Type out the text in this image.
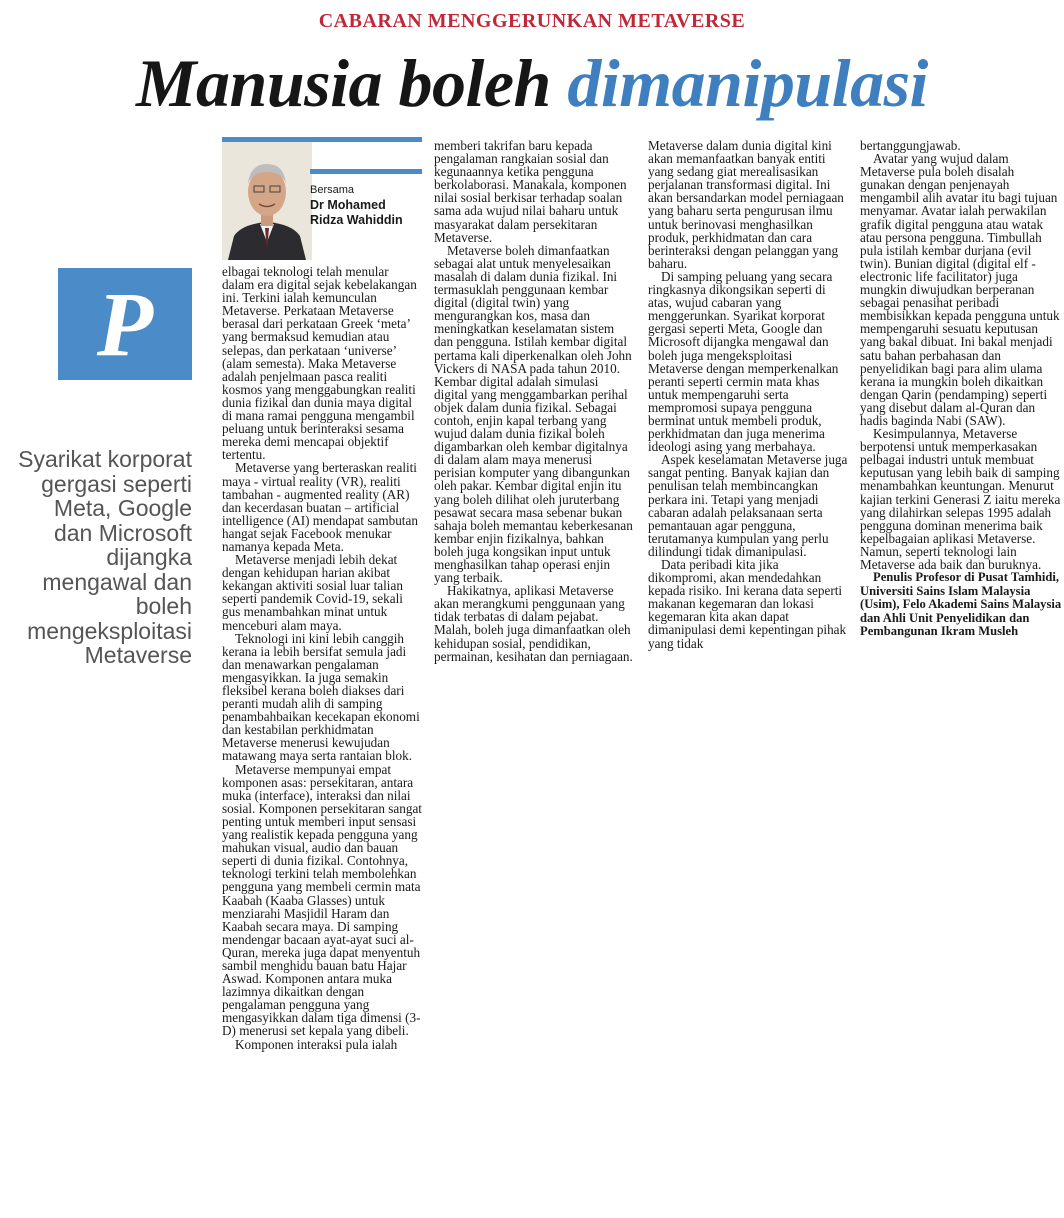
CABARAN MENGGERUNKAN METAVERSE
Manusia boleh dimanipulasi
Bersama
Dr Mohamed
Ridza Wahiddin
P
Syarikat korporat gergasi seperti Meta, Google dan Microsoft dijangka mengawal dan boleh mengeksploitasi Metaverse

elbagai teknologi telah menular dalam era digital sejak kebelakangan ini. Terkini ialah kemunculan Metaverse. Perkataan Metaverse berasal dari perkataan Greek ‘meta’ yang bermaksud kemudian atau selepas, dan perkataan ‘universe’ (alam semesta). Maka Metaverse adalah penjelmaan pasca realiti kosmos yang menggabungkan realiti dunia fizikal dan dunia maya digital di mana ramai pengguna mengambil peluang untuk berinteraksi sesama mereka demi mencapai objektif tertentu.

Metaverse yang berteraskan realiti maya - virtual reality (VR), realiti tambahan - augmented reality (AR) dan kecerdasan buatan – artificial intelligence (AI) mendapat sambutan hangat sejak Facebook menukar namanya kepada Meta.

Metaverse menjadi lebih dekat dengan kehidupan harian akibat kekangan aktiviti sosial luar talian seperti pandemik Covid-19, sekali gus menambahkan minat untuk menceburi alam maya.

Teknologi ini kini lebih canggih kerana ia lebih bersifat semula jadi dan menawarkan pengalaman mengasyikkan. Ia juga semakin fleksibel kerana boleh diakses dari peranti mudah alih di samping penambahbaikan kecekapan ekonomi dan kestabilan perkhidmatan Metaverse menerusi kewujudan matawang maya serta rantaian blok.

Metaverse mempunyai empat komponen asas: persekitaran, antara muka (interface), interaksi dan nilai sosial. Komponen persekitaran sangat penting untuk memberi input sensasi yang realistik kepada pengguna yang mahukan visual, audio dan bauan seperti di dunia fizikal. Contohnya, teknologi terkini telah membolehkan pengguna yang membeli cermin mata Kaabah (Kaaba Glasses) untuk menziarahi Masjidil Haram dan Kaabah secara maya. Di samping mendengar bacaan ayat-ayat suci al-Quran, mereka juga dapat menyentuh sambil menghidu bauan batu Hajar Aswad. Komponen antara muka lazimnya dikaitkan dengan pengalaman pengguna yang mengasyikkan dalam tiga dimensi (3-D) menerusi set kepala yang dibeli.

Komponen interaksi pula ialah

memberi takrifan baru kepada pengalaman rangkaian sosial dan kegunaannya ketika pengguna berkolaborasi. Manakala, komponen nilai sosial berkisar terhadap soalan sama ada wujud nilai baharu untuk masyarakat dalam persekitaran Metaverse.

Metaverse boleh dimanfaatkan sebagai alat untuk menyelesaikan masalah di dalam dunia fizikal. Ini termasuklah penggunaan kembar digital (digital twin) yang mengurangkan kos, masa dan meningkatkan keselamatan sistem dan pengguna. Istilah kembar digital pertama kali diperkenalkan oleh John Vickers di NASA pada tahun 2010. Kembar digital adalah simulasi digital yang menggambarkan perihal objek dalam dunia fizikal. Sebagai contoh, enjin kapal terbang yang wujud dalam dunia fizikal boleh digambarkan oleh kembar digitalnya di dalam alam maya menerusi perisian komputer yang dibangunkan oleh pakar. Kembar digital enjin itu yang boleh dilihat oleh juruterbang pesawat secara masa sebenar bukan sahaja boleh memantau keberkesanan kembar enjin fizikalnya, bahkan boleh juga kongsikan input untuk menghasilkan tahap operasi enjin yang terbaik.

Hakikatnya, aplikasi Metaverse akan merangkumi penggunaan yang tidak terbatas di dalam pejabat. Malah, boleh juga dimanfaatkan oleh kehidupan sosial, pendidikan, permainan, kesihatan dan perniagaan.

Metaverse dalam dunia digital kini akan memanfaatkan banyak entiti yang sedang giat merealisasikan perjalanan transformasi digital. Ini akan bersandarkan model perniagaan yang baharu serta pengurusan ilmu untuk berinovasi menghasilkan produk, perkhidmatan dan cara berinteraksi dengan pelanggan yang baharu.

Di samping peluang yang secara ringkasnya dikongsikan seperti di atas, wujud cabaran yang menggerunkan. Syarikat korporat gergasi seperti Meta, Google dan Microsoft dijangka mengawal dan boleh juga mengeksploitasi Metaverse dengan memperkenalkan peranti seperti cermin mata khas untuk mempengaruhi serta mempromosi supaya pengguna berminat untuk membeli produk, perkhidmatan dan juga menerima ideologi asing yang merbahaya.

Aspek keselamatan Metaverse juga sangat penting. Banyak kajian dan penulisan telah membincangkan perkara ini. Tetapi yang menjadi cabaran adalah pelaksanaan serta pemantauan agar pengguna, terutamanya kumpulan yang perlu dilindungi tidak dimanipulasi.

Data peribadi kita jika dikompromi, akan mendedahkan kepada risiko. Ini kerana data seperti makanan kegemaran dan lokasi kegemaran kita akan dapat dimanipulasi demi kepentingan pihak yang tidak

bertanggungjawab.

Avatar yang wujud dalam Metaverse pula boleh disalah gunakan dengan penjenayah mengambil alih avatar itu bagi tujuan menyamar. Avatar ialah perwakilan grafik digital pengguna atau watak atau persona pengguna. Timbullah pula istilah kembar durjana (evil twin). Bunian digital (digital elf - electronic life facilitator) juga mungkin diwujudkan berperanan sebagai penasihat peribadi membisikkan kepada pengguna untuk mempengaruhi sesuatu keputusan yang bakal dibuat. Ini bakal menjadi satu bahan perbahasan dan penyelidikan bagi para alim ulama kerana ia mungkin boleh dikaitkan dengan Qarin (pendamping) seperti yang disebut dalam al-Quran dan hadis baginda Nabi (SAW).

Kesimpulannya, Metaverse berpotensi untuk memperkasakan pelbagai industri untuk membuat keputusan yang lebih baik di samping menambahkan keuntungan. Menurut kajian terkini Generasi Z iaitu mereka yang dilahirkan selepas 1995 adalah pengguna dominan menerima baik kepelbagaian aplikasi Metaverse. Namun, seperti teknologi lain Metaverse ada baik dan buruknya.

Penulis Profesor di Pusat Tamhidi, Universiti Sains Islam Malaysia (Usim), Felo Akademi Sains Malaysia dan Ahli Unit Penyelidikan dan Pembangunan Ikram Musleh
